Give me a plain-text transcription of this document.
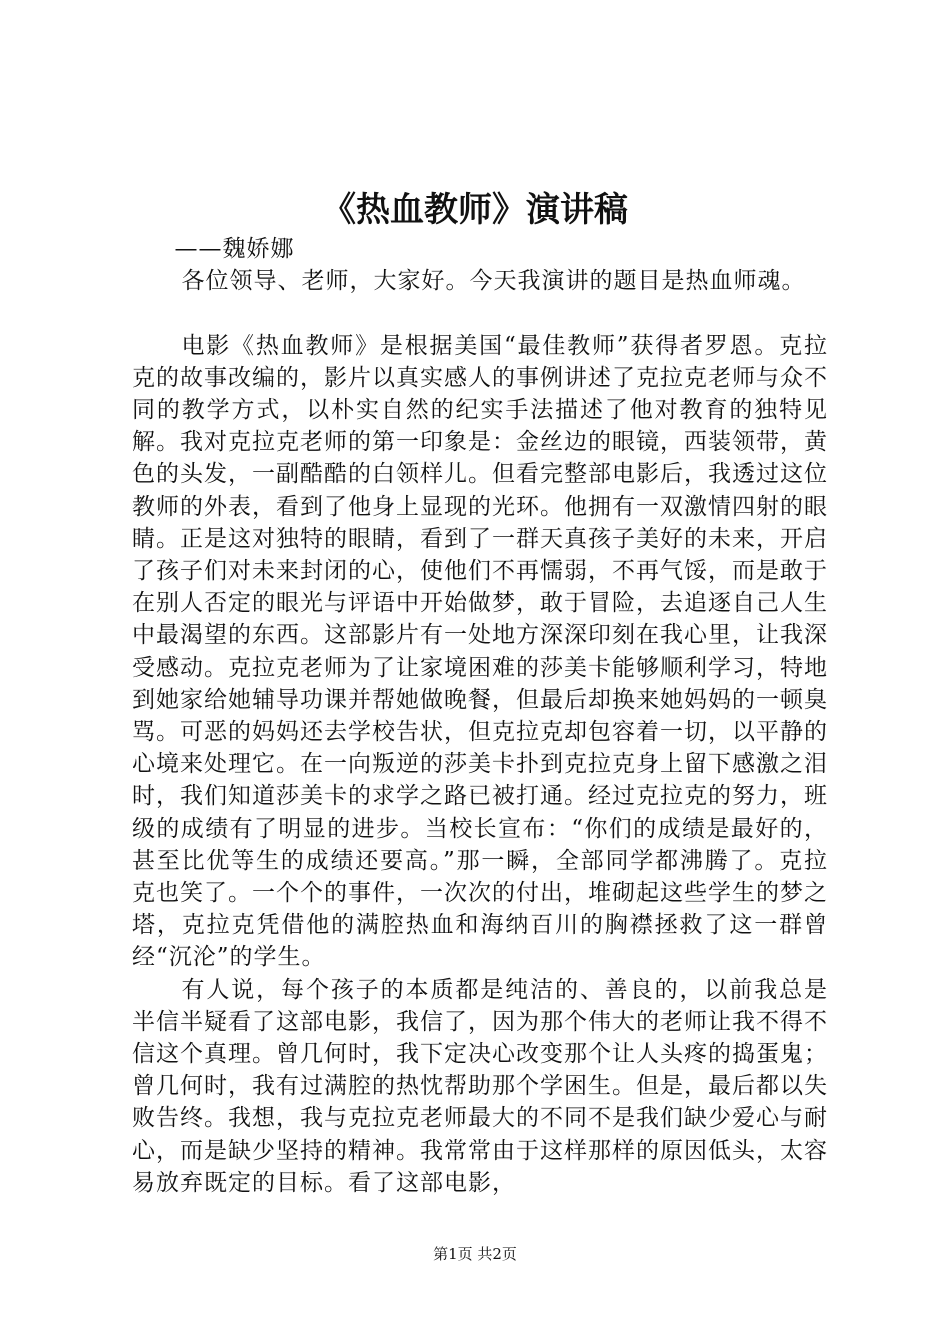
《热血教师》演讲稿

——魏娇娜

各位领导、老师，大家好。今天我演讲的题目是热血师魂。

电影《热血教师》是根据美国“最佳教师”获得者罗恩。克拉克的故事改编的，影片以真实感人的事例讲述了克拉克老师与众不同的教学方式，以朴实自然的纪实手法描述了他对教育的独特见解。我对克拉克老师的第一印象是：金丝边的眼镜，西装领带，黄色的头发，一副酷酷的白领样儿。但看完整部电影后，我透过这位教师的外表，看到了他身上显现的光环。他拥有一双激情四射的眼睛。正是这对独特的眼睛，看到了一群天真孩子美好的未来，开启了孩子们对未来封闭的心，使他们不再懦弱，不再气馁，而是敢于在别人否定的眼光与评语中开始做梦，敢于冒险，去追逐自己人生中最渴望的东西。这部影片有一处地方深深印刻在我心里，让我深受感动。克拉克老师为了让家境困难的莎美卡能够顺利学习，特地到她家给她辅导功课并帮她做晚餐，但最后却换来她妈妈的一顿臭骂。可恶的妈妈还去学校告状，但克拉克却包容着一切，以平静的心境来处理它。在一向叛逆的莎美卡扑到克拉克身上留下感激之泪时，我们知道莎美卡的求学之路已被打通。经过克拉克的努力，班级的成绩有了明显的进步。当校长宣布：“你们的成绩是最好的，甚至比优等生的成绩还要高。”那一瞬，全部同学都沸腾了。克拉克也笑了。一个个的事件，一次次的付出，堆砌起这些学生的梦之塔，克拉克凭借他的满腔热血和海纳百川的胸襟拯救了这一群曾经“沉沦”的学生。

有人说，每个孩子的本质都是纯洁的、善良的，以前我总是半信半疑看了这部电影，我信了，因为那个伟大的老师让我不得不信这个真理。曾几何时，我下定决心改变那个让人头疼的捣蛋鬼；曾几何时，我有过满腔的热忱帮助那个学困生。但是，最后都以失败告终。我想，我与克拉克老师最大的不同不是我们缺少爱心与耐心，而是缺少坚持的精神。我常常由于这样那样的原因低头，太容易放弃既定的目标。看了这部电影，

第1页 共2页
